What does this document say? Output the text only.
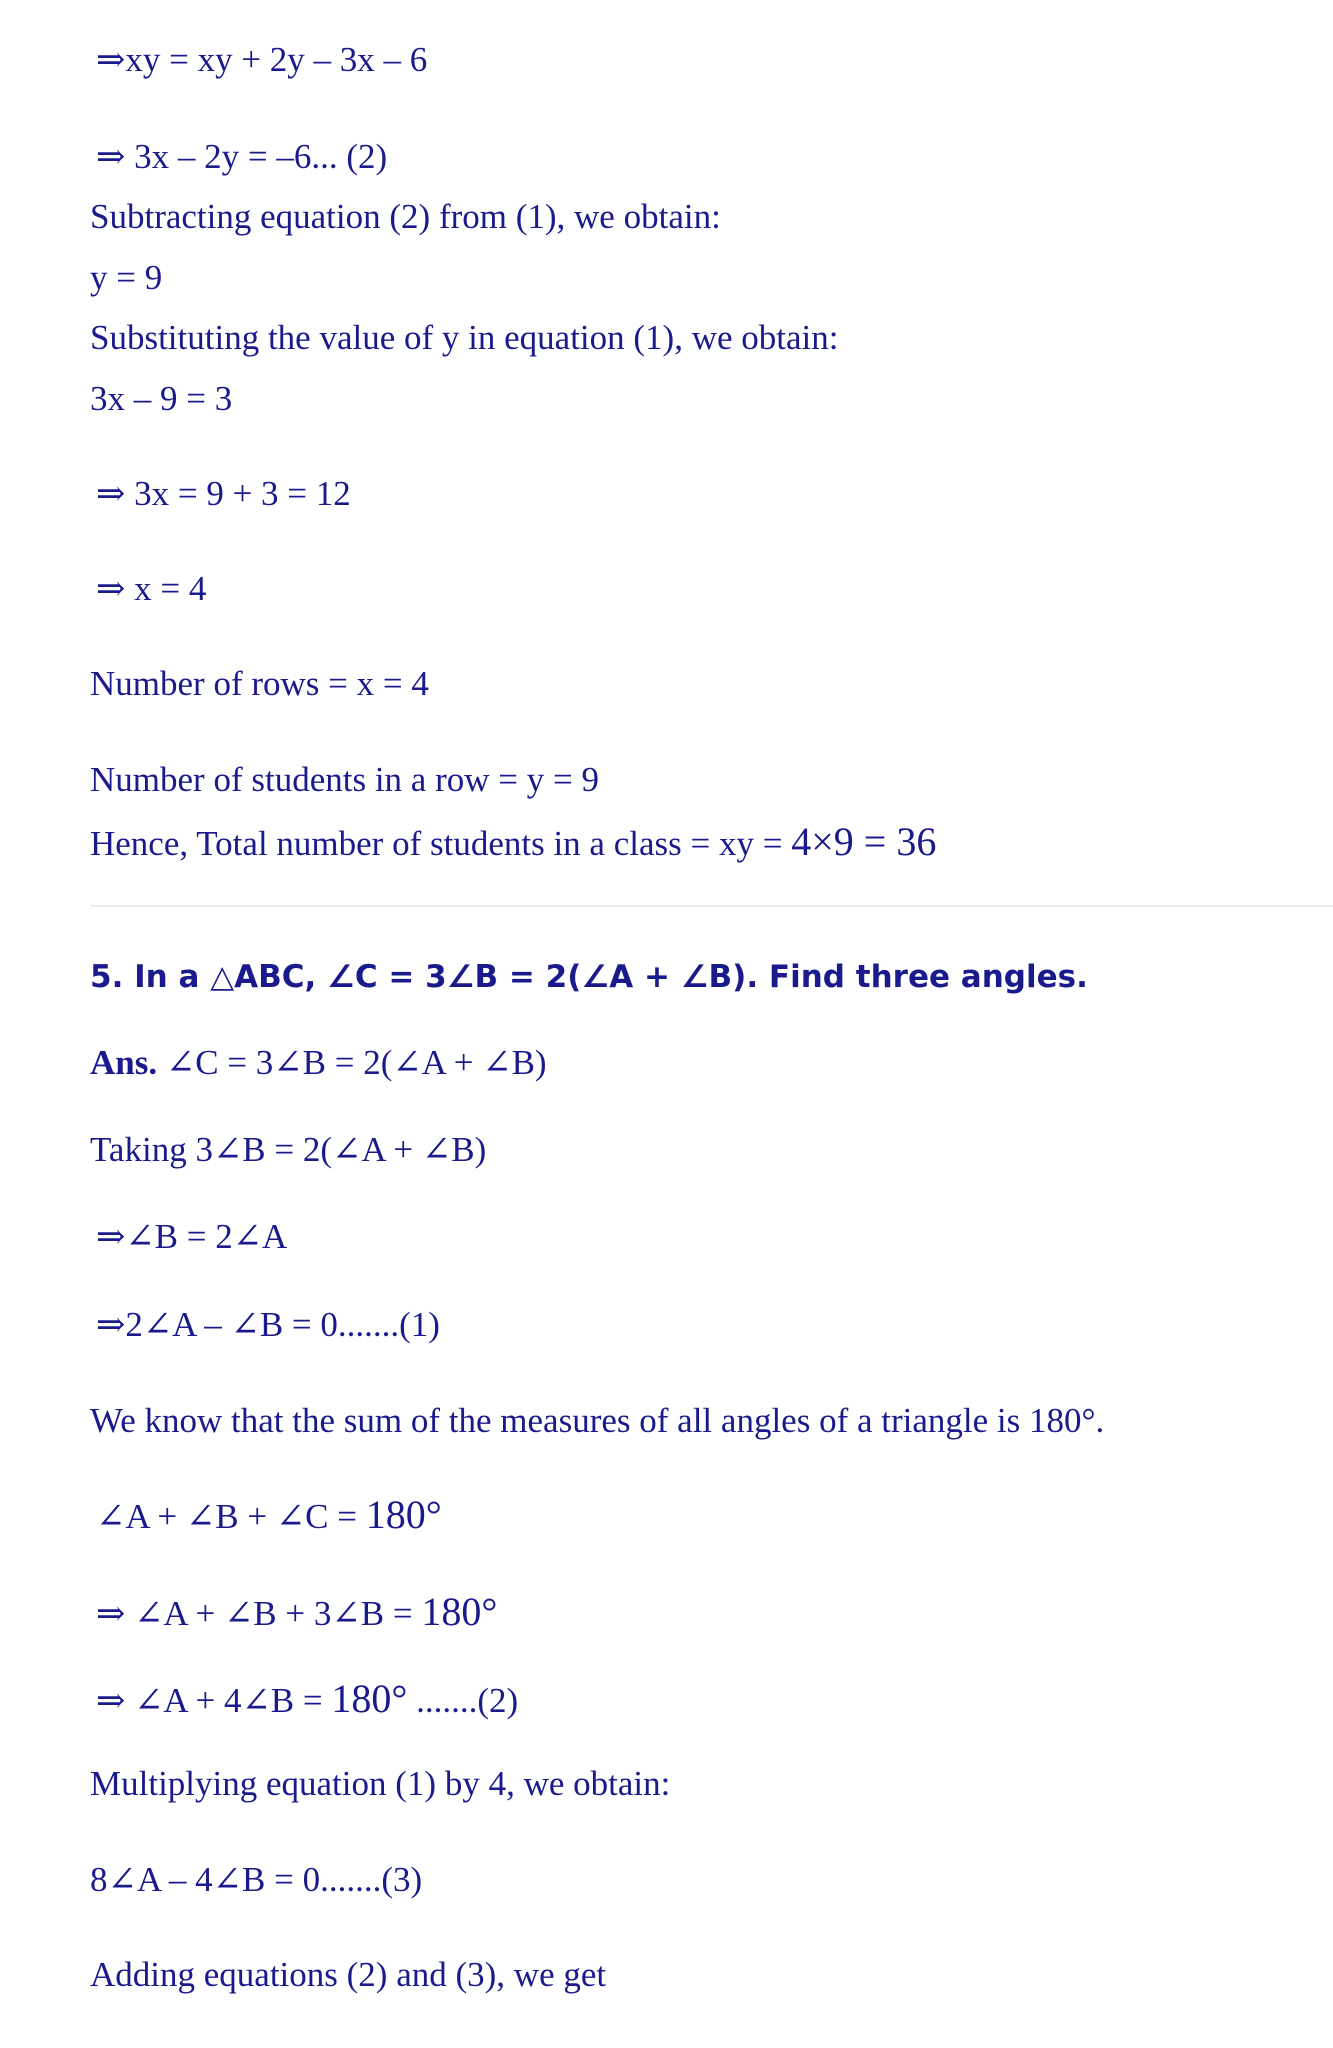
⇒xy = xy + 2y – 3x – 6

⇒ 3x – 2y = –6... (2)

Subtracting equation (2) from (1), we obtain:

y = 9

Substituting the value of y in equation (1), we obtain:

3x – 9 = 3

⇒ 3x = 9 + 3 = 12

⇒ x = 4

Number of rows = x = 4

Number of students in a row = y = 9

Hence, Total number of students in a class = xy = 4×9 = 36

5. In a △ABC, ∠C = 3∠B = 2(∠A + ∠B). Find three angles.

Ans. ∠C = 3∠B = 2(∠A + ∠B)

Taking 3∠B = 2(∠A + ∠B)

⇒∠B = 2∠A

⇒2∠A – ∠B = 0.......(1)

We know that the sum of the measures of all angles of a triangle is 180°.

∠A + ∠B + ∠C = 180°

⇒ ∠A + ∠B + 3∠B = 180°

⇒ ∠A + 4∠B = 180° .......(2)

Multiplying equation (1) by 4, we obtain:

8∠A – 4∠B = 0.......(3)

Adding equations (2) and (3), we get
